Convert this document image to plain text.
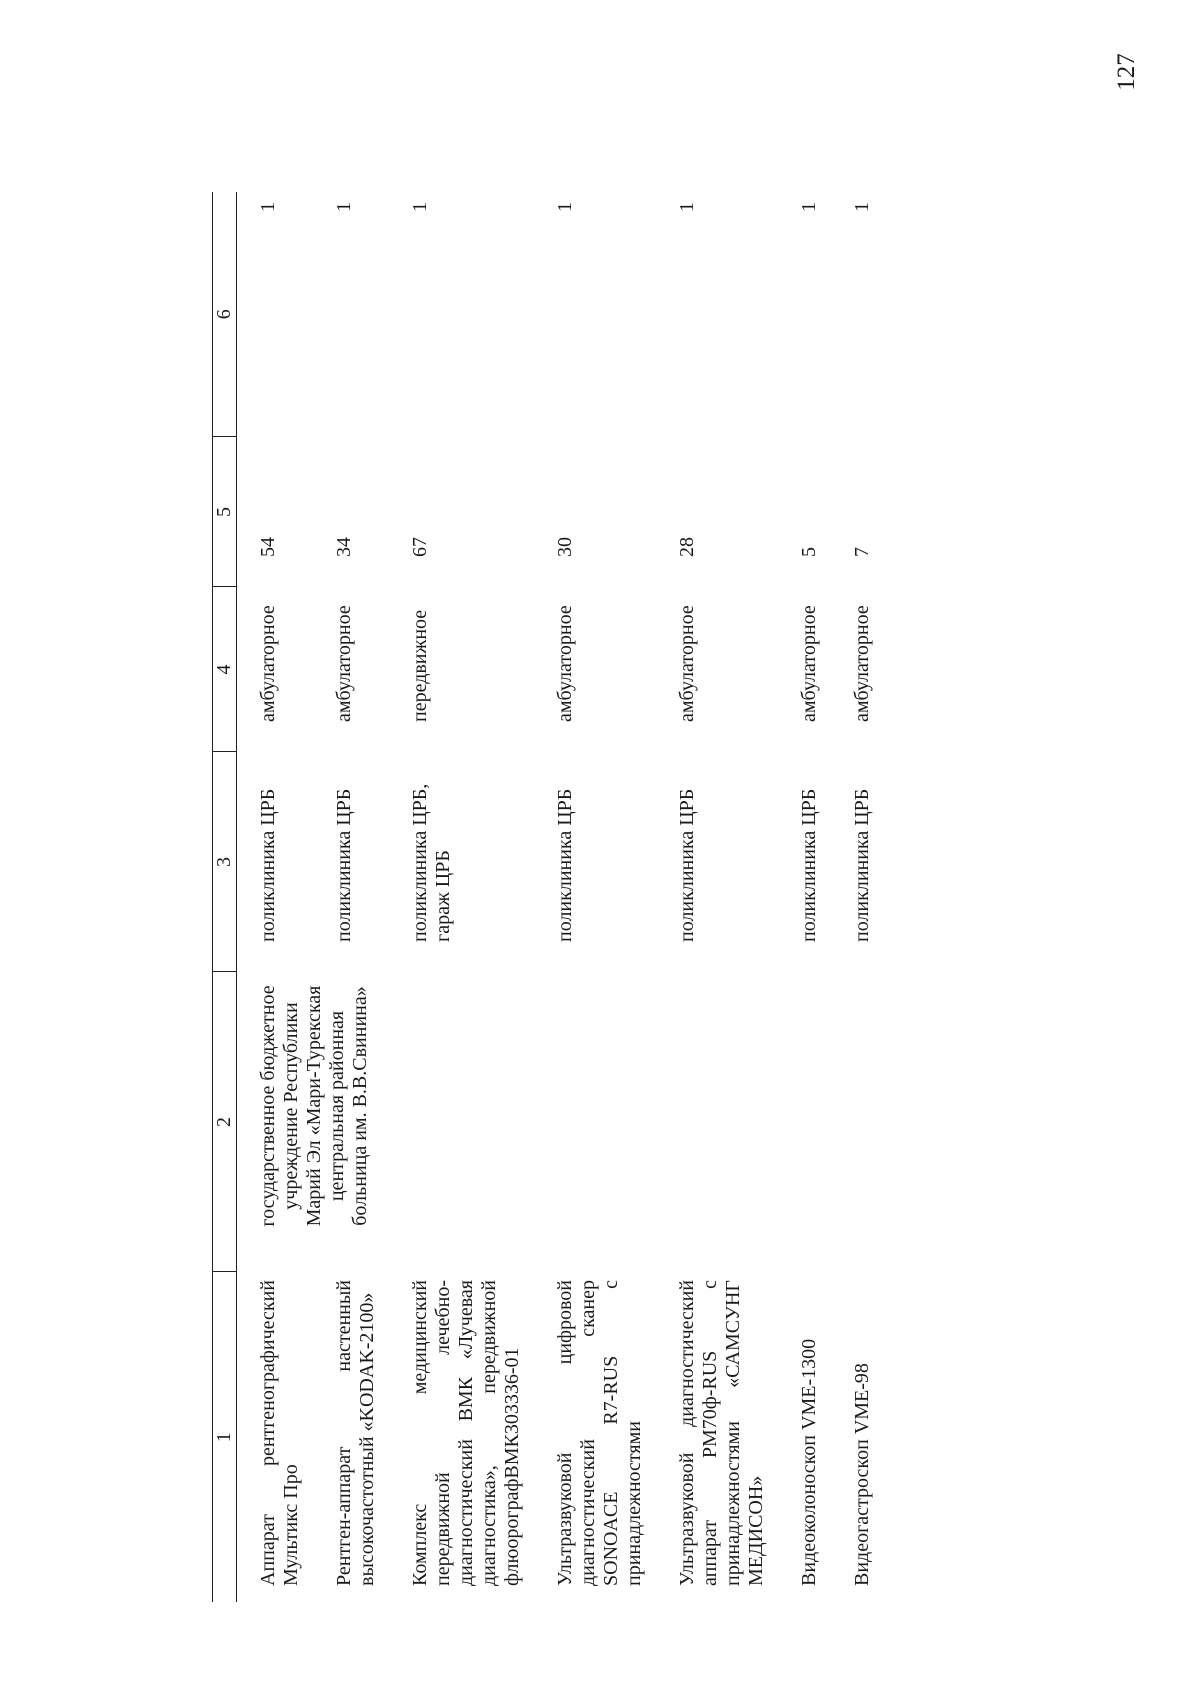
127
1	2	3	4	5	6
Аппарат рентгенографический Мультикс Про	государственное бюджетное учреждение Республики Марий Эл «Мари-Турекская центральная районная больница им. В.В.Свинина»	поликлиника ЦРБ	амбулаторное	54	1
Рентген-аппарат настенный высокочастотный «KODAK-2100»		поликлиника ЦРБ	амбулаторное	34	1
Комплекс медицинский передвижной лечебно-диагностический ВМК «Лучевая диагностика», передвижной флюорографВМК303336-01		поликлиника ЦРБ, гараж ЦРБ	передвижное	67	1
Ультразвуковой цифровой диагностический сканер SONOACE R7-RUS с принадлежностями		поликлиника ЦРБ	амбулаторное	30	1
Ультразвуковой диагностический аппарат PM70ф-RUS с принадлежностями «САМСУНГ МЕДИСОН»		поликлиника ЦРБ	амбулаторное	28	1
Видеоколоноскоп VME-1300		поликлиника ЦРБ	амбулаторное	5	1
Видеогастроскоп VME-98		поликлиника ЦРБ	амбулаторное	7	1
